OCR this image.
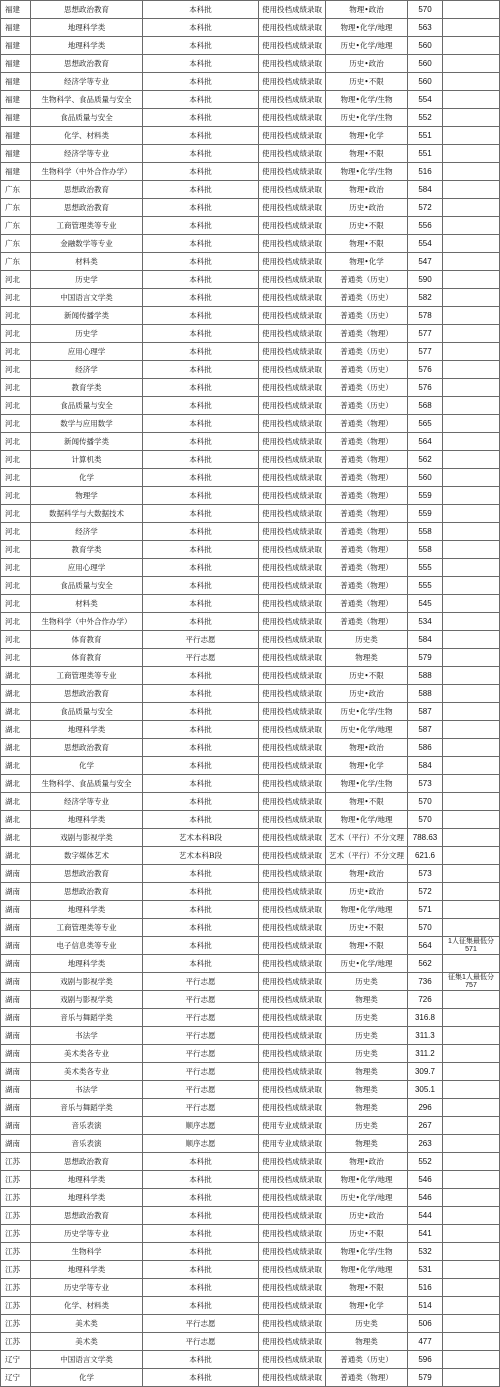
福建	思想政治教育	本科批	使用投档成绩录取	物理•政治	570	
福建	地理科学类	本科批	使用投档成绩录取	物理•化学/地理	563	
福建	地理科学类	本科批	使用投档成绩录取	历史•化学/地理	560	
福建	思想政治教育	本科批	使用投档成绩录取	历史•政治	560	
福建	经济学等专业	本科批	使用投档成绩录取	历史•不限	560	
福建	生物科学、食品质量与安全	本科批	使用投档成绩录取	物理•化学/生物	554	
福建	食品质量与安全	本科批	使用投档成绩录取	历史•化学/生物	552	
福建	化学、材料类	本科批	使用投档成绩录取	物理•化学	551	
福建	经济学等专业	本科批	使用投档成绩录取	物理•不限	551	
福建	生物科学（中外合作办学）	本科批	使用投档成绩录取	物理•化学/生物	516	
广东	思想政治教育	本科批	使用投档成绩录取	物理•政治	584	
广东	思想政治教育	本科批	使用投档成绩录取	历史•政治	572	
广东	工商管理类等专业	本科批	使用投档成绩录取	历史•不限	556	
广东	金融数学等专业	本科批	使用投档成绩录取	物理•不限	554	
广东	材料类	本科批	使用投档成绩录取	物理•化学	547	
河北	历史学	本科批	使用投档成绩录取	普通类（历史）	590	
河北	中国语言文学类	本科批	使用投档成绩录取	普通类（历史）	582	
河北	新闻传播学类	本科批	使用投档成绩录取	普通类（历史）	578	
河北	历史学	本科批	使用投档成绩录取	普通类（物理）	577	
河北	应用心理学	本科批	使用投档成绩录取	普通类（历史）	577	
河北	经济学	本科批	使用投档成绩录取	普通类（历史）	576	
河北	教育学类	本科批	使用投档成绩录取	普通类（历史）	576	
河北	食品质量与安全	本科批	使用投档成绩录取	普通类（历史）	568	
河北	数学与应用数学	本科批	使用投档成绩录取	普通类（物理）	565	
河北	新闻传播学类	本科批	使用投档成绩录取	普通类（物理）	564	
河北	计算机类	本科批	使用投档成绩录取	普通类（物理）	562	
河北	化学	本科批	使用投档成绩录取	普通类（物理）	560	
河北	物理学	本科批	使用投档成绩录取	普通类（物理）	559	
河北	数据科学与大数据技术	本科批	使用投档成绩录取	普通类（物理）	559	
河北	经济学	本科批	使用投档成绩录取	普通类（物理）	558	
河北	教育学类	本科批	使用投档成绩录取	普通类（物理）	558	
河北	应用心理学	本科批	使用投档成绩录取	普通类（物理）	555	
河北	食品质量与安全	本科批	使用投档成绩录取	普通类（物理）	555	
河北	材料类	本科批	使用投档成绩录取	普通类（物理）	545	
河北	生物科学（中外合作办学）	本科批	使用投档成绩录取	普通类（物理）	534	
河北	体育教育	平行志愿	使用投档成绩录取	历史类	584	
河北	体育教育	平行志愿	使用投档成绩录取	物理类	579	
湖北	工商管理类等专业	本科批	使用投档成绩录取	历史•不限	588	
湖北	思想政治教育	本科批	使用投档成绩录取	历史•政治	588	
湖北	食品质量与安全	本科批	使用投档成绩录取	历史•化学/生物	587	
湖北	地理科学类	本科批	使用投档成绩录取	历史•化学/地理	587	
湖北	思想政治教育	本科批	使用投档成绩录取	物理•政治	586	
湖北	化学	本科批	使用投档成绩录取	物理•化学	584	
湖北	生物科学、食品质量与安全	本科批	使用投档成绩录取	物理•化学/生物	573	
湖北	经济学等专业	本科批	使用投档成绩录取	物理•不限	570	
湖北	地理科学类	本科批	使用投档成绩录取	物理•化学/地理	570	
湖北	戏剧与影视学类	艺术本科B段	使用投档成绩录取	艺术（平行）不分文理	788.63	
湖北	数字媒体艺术	艺术本科B段	使用投档成绩录取	艺术（平行）不分文理	621.6	
湖南	思想政治教育	本科批	使用投档成绩录取	物理•政治	573	
湖南	思想政治教育	本科批	使用投档成绩录取	历史•政治	572	
湖南	地理科学类	本科批	使用投档成绩录取	物理•化学/地理	571	
湖南	工商管理类等专业	本科批	使用投档成绩录取	历史•不限	570	
湖南	电子信息类等专业	本科批	使用投档成绩录取	物理•不限	564	1人征集最低分571
湖南	地理科学类	本科批	使用投档成绩录取	历史•化学/地理	562	
湖南	戏剧与影视学类	平行志愿	使用投档成绩录取	历史类	736	征集1人最低分757
湖南	戏剧与影视学类	平行志愿	使用投档成绩录取	物理类	726	
湖南	音乐与舞蹈学类	平行志愿	使用投档成绩录取	历史类	316.8	
湖南	书法学	平行志愿	使用投档成绩录取	历史类	311.3	
湖南	美术类各专业	平行志愿	使用投档成绩录取	历史类	311.2	
湖南	美术类各专业	平行志愿	使用投档成绩录取	物理类	309.7	
湖南	书法学	平行志愿	使用投档成绩录取	物理类	305.1	
湖南	音乐与舞蹈学类	平行志愿	使用投档成绩录取	物理类	296	
湖南	音乐表演	顺序志愿	使用专业成绩录取	历史类	267	
湖南	音乐表演	顺序志愿	使用专业成绩录取	物理类	263	
江苏	思想政治教育	本科批	使用投档成绩录取	物理•政治	552	
江苏	地理科学类	本科批	使用投档成绩录取	物理•化学/地理	546	
江苏	地理科学类	本科批	使用投档成绩录取	历史•化学/地理	546	
江苏	思想政治教育	本科批	使用投档成绩录取	历史•政治	544	
江苏	历史学等专业	本科批	使用投档成绩录取	历史•不限	541	
江苏	生物科学	本科批	使用投档成绩录取	物理•化学/生物	532	
江苏	地理科学类	本科批	使用投档成绩录取	物理•化学/地理	531	
江苏	历史学等专业	本科批	使用投档成绩录取	物理•不限	516	
江苏	化学、材料类	本科批	使用投档成绩录取	物理•化学	514	
江苏	美术类	平行志愿	使用投档成绩录取	历史类	506	
江苏	美术类	平行志愿	使用投档成绩录取	物理类	477	
辽宁	中国语言文学类	本科批	使用投档成绩录取	普通类（历史）	596	
辽宁	化学	本科批	使用投档成绩录取	普通类（物理）	579	
